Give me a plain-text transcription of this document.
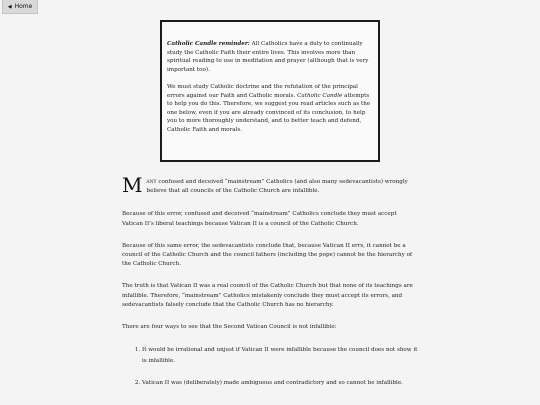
◀ Home

Catholic Candle reminder: All Catholics have a duty to continually study the Catholic Faith their entire lives. This involves more than spiritual reading to use in meditation and prayer (although that is very important too).

We must study Catholic doctrine and the refutation of the principal errors against our Faith and Catholic morals. Catholic Candle attempts to help you do this. Therefore, we suggest you read articles such as the one below, even if you are already convinced of its conclusion, to help you to more thoroughly understand, and to better teach and defend, Catholic Faith and morals.

M ANY confused and deceived “mainstream” Catholics (and also many sedevacantists) wrongly believe that all councils of the Catholic Church are infallible.

Because of this error, confused and deceived “mainstream” Catholics conclude they must accept Vatican II’s liberal teachings because Vatican II is a council of the Catholic Church.

Because of this same error, the sedevacantists conclude that, because Vatican II errs, it cannot be a council of the Catholic Church and the council fathers (including the pope) cannot be the hierarchy of the Catholic Church.

The truth is that Vatican II was a real council of the Catholic Church but that none of its teachings are infallible. Therefore, “mainstream” Catholics mistakenly conclude they must accept its errors, and sedevacantists falsely conclude that the Catholic Church has no hierarchy.

There are four ways to see that the Second Vatican Council is not infallible:

1. It would be irrational and unjust if Vatican II were infallible because the council does not show it is infallible.
2. Vatican II was (deliberately) made ambiguous and contradictory and so cannot be infallible.
